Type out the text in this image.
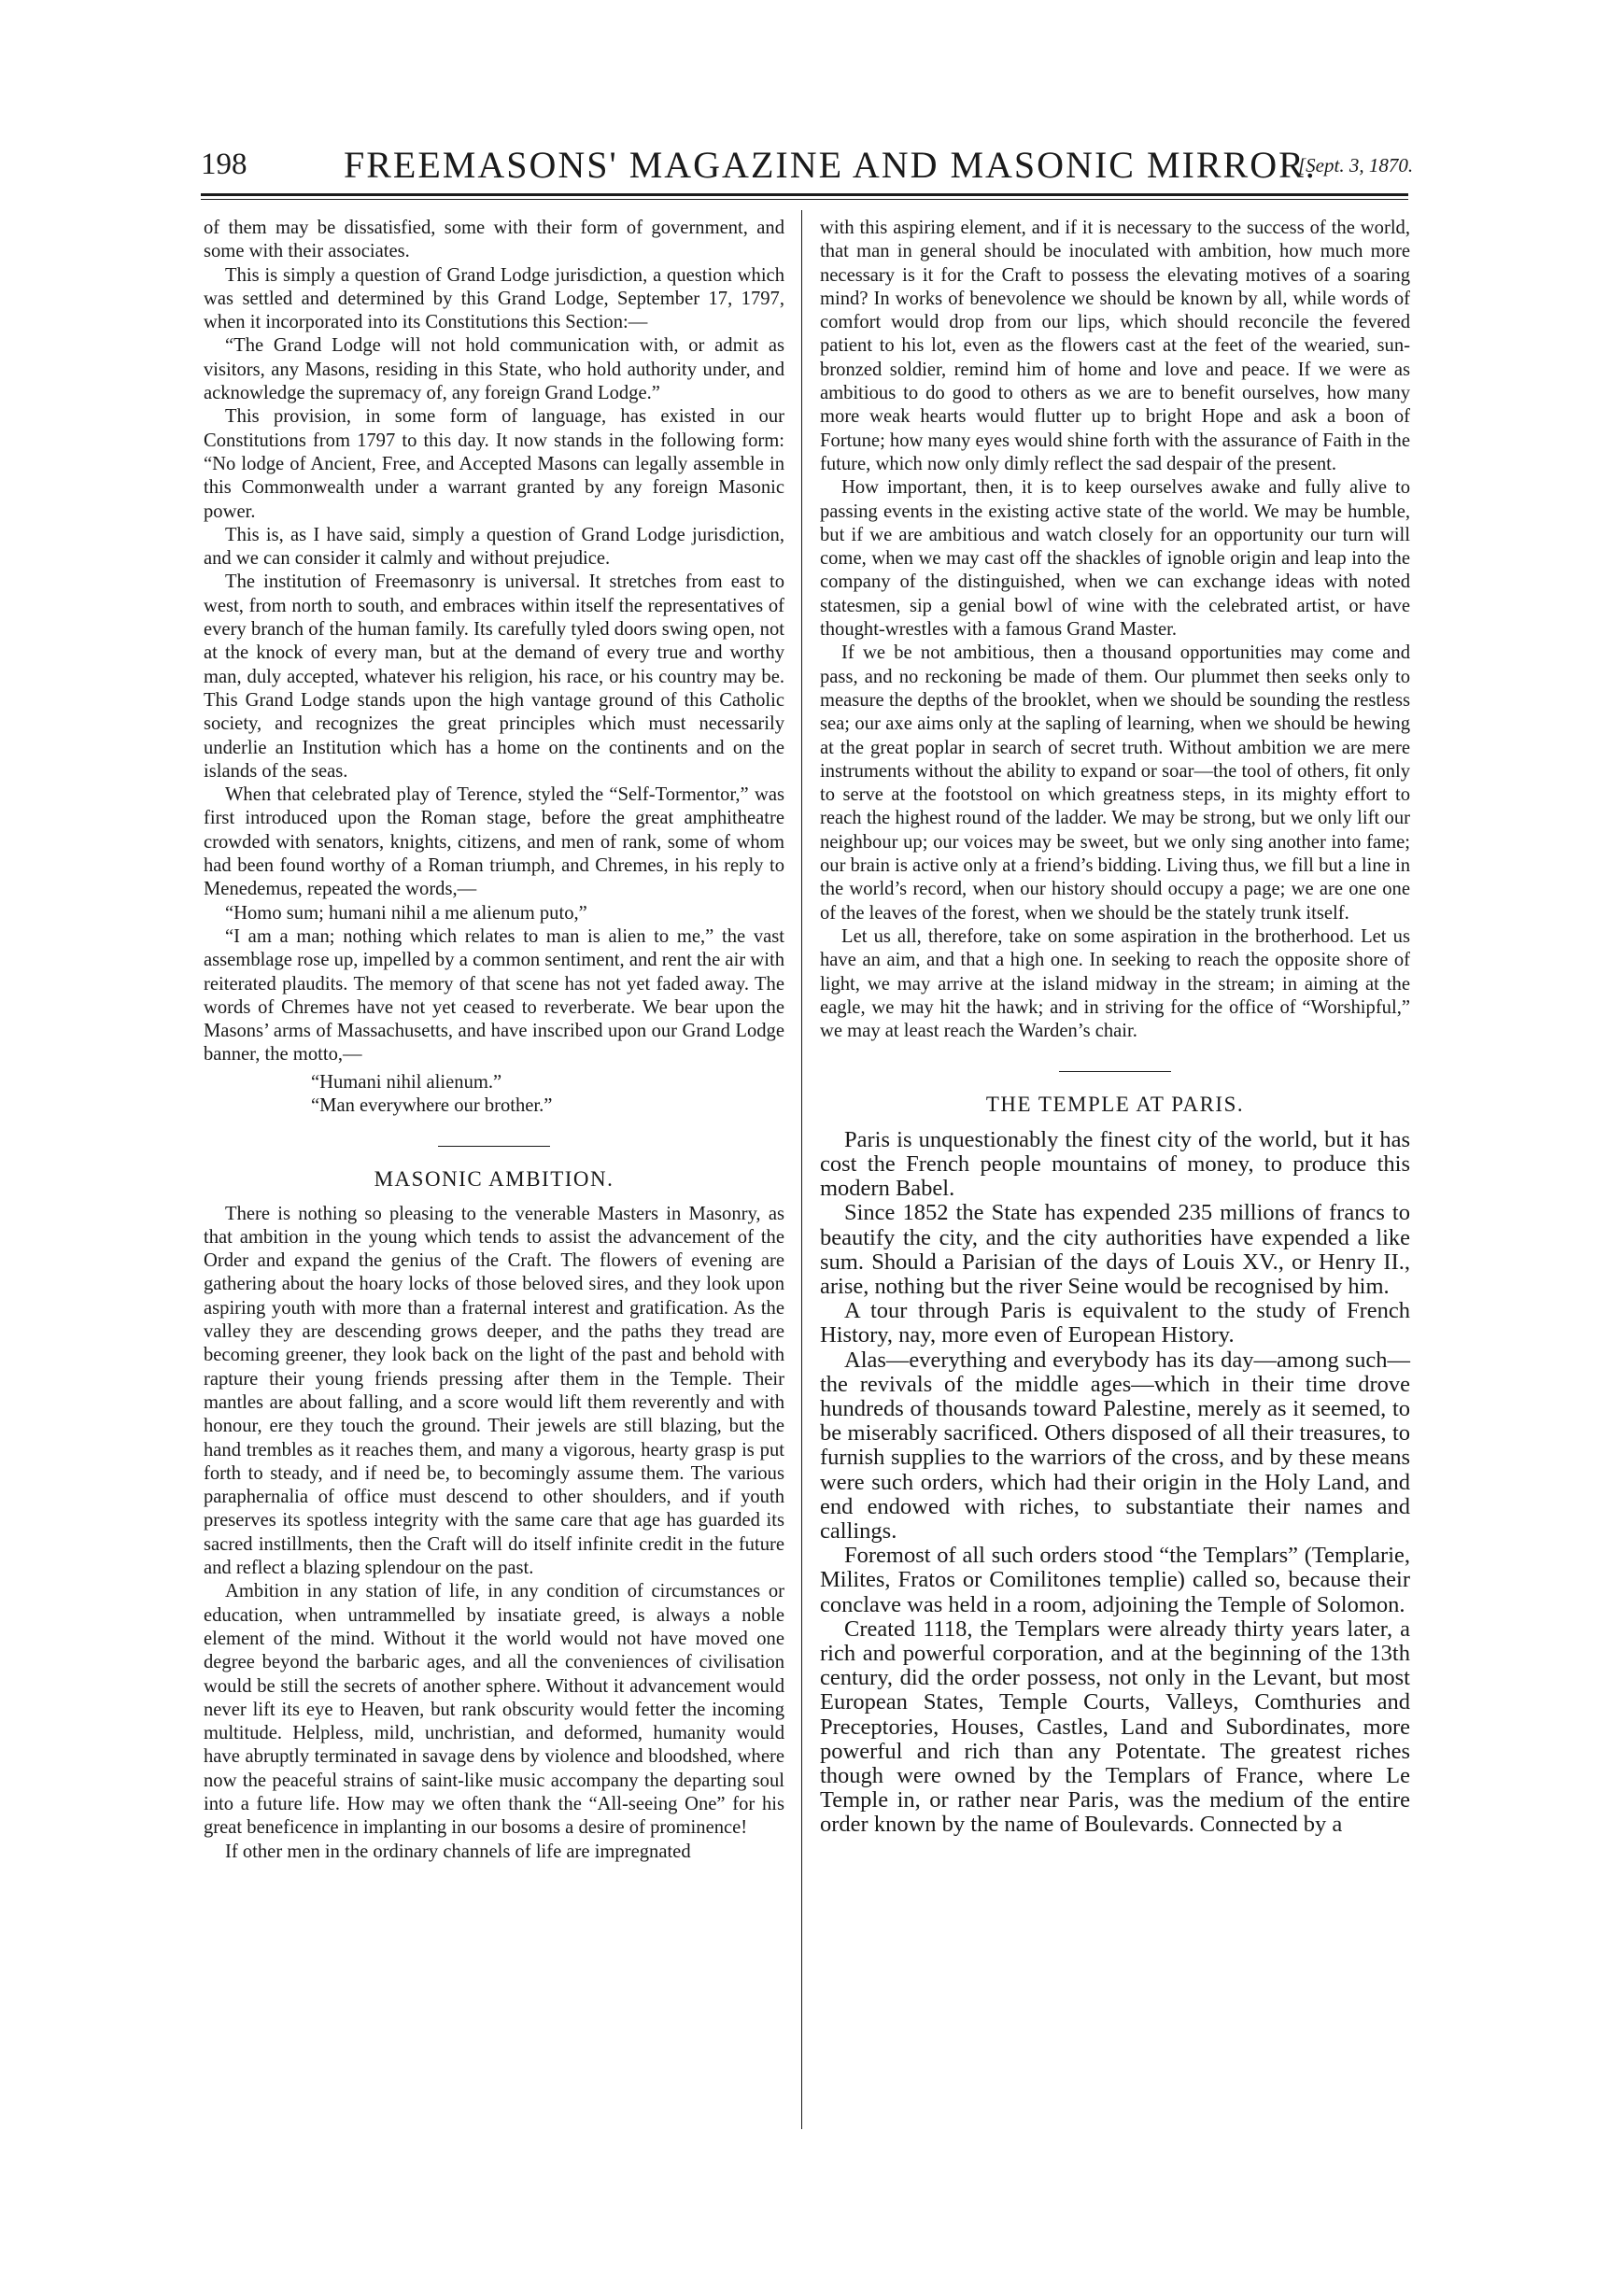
198	FREEMASONS' MAGAZINE AND MASONIC MIRROR.
[Sept. 3, 1870.

of them may be dissatisfied, some with their form of government, and some with their associates.

This is simply a question of Grand Lodge jurisdiction, a question which was settled and determined by this Grand Lodge, September 17, 1797, when it incorporated into its Constitutions this Section:—

“The Grand Lodge will not hold communication with, or admit as visitors, any Masons, residing in this State, who hold authority under, and acknowledge the supremacy of, any foreign Grand Lodge.”

This provision, in some form of language, has existed in our Constitutions from 1797 to this day. It now stands in the following form: “No lodge of Ancient, Free, and Accepted Masons can legally assemble in this Commonwealth under a warrant granted by any foreign Masonic power.

This is, as I have said, simply a question of Grand Lodge jurisdiction, and we can consider it calmly and without prejudice.

The institution of Freemasonry is universal. It stretches from east to west, from north to south, and embraces within itself the representatives of every branch of the human family. Its carefully tyled doors swing open, not at the knock of every man, but at the demand of every true and worthy man, duly accepted, whatever his religion, his race, or his country may be. This Grand Lodge stands upon the high vantage ground of this Catholic society, and recognizes the great principles which must necessarily underlie an Institution which has a home on the continents and on the islands of the seas.

When that celebrated play of Terence, styled the “Self-Tormentor,” was first introduced upon the Roman stage, before the great amphitheatre crowded with senators, knights, citizens, and men of rank, some of whom had been found worthy of a Roman triumph, and Chremes, in his reply to Menedemus, repeated the words,—

“Homo sum; humani nihil a me alienum puto,”

“I am a man; nothing which relates to man is alien to me,” the vast assemblage rose up, impelled by a common sentiment, and rent the air with reiterated plaudits. The memory of that scene has not yet faded away. The words of Chremes have not yet ceased to reverberate. We bear upon the Masons’ arms of Massachusetts, and have inscribed upon our Grand Lodge banner, the motto,—

“Humani nihil alienum.”
“Man everywhere our brother.”
MASONIC AMBITION.

There is nothing so pleasing to the venerable Masters in Masonry, as that ambition in the young which tends to assist the advancement of the Order and expand the genius of the Craft. The flowers of evening are gathering about the hoary locks of those beloved sires, and they look upon aspiring youth with more than a fraternal interest and gratification. As the valley they are descending grows deeper, and the paths they tread are becoming greener, they look back on the light of the past and behold with rapture their young friends pressing after them in the Temple. Their mantles are about falling, and a score would lift them reverently and with honour, ere they touch the ground. Their jewels are still blazing, but the hand trembles as it reaches them, and many a vigorous, hearty grasp is put forth to steady, and if need be, to becomingly assume them. The various paraphernalia of office must descend to other shoulders, and if youth preserves its spotless integrity with the same care that age has guarded its sacred instillments, then the Craft will do itself infinite credit in the future and reflect a blazing splendour on the past.

Ambition in any station of life, in any condition of circumstances or education, when untrammelled by insatiate greed, is always a noble element of the mind. Without it the world would not have moved one degree beyond the barbaric ages, and all the conveniences of civilisation would be still the secrets of another sphere. Without it advancement would never lift its eye to Heaven, but rank obscurity would fetter the incoming multitude. Helpless, mild, unchristian, and deformed, humanity would have abruptly terminated in savage dens by violence and bloodshed, where now the peaceful strains of saint-like music accompany the departing soul into a future life. How may we often thank the “All-seeing One” for his great beneficence in implanting in our bosoms a desire of prominence!

If other men in the ordinary channels of life are impregnated

with this aspiring element, and if it is necessary to the success of the world, that man in general should be inoculated with ambition, how much more necessary is it for the Craft to possess the elevating motives of a soaring mind? In works of benevolence we should be known by all, while words of comfort would drop from our lips, which should reconcile the fevered patient to his lot, even as the flowers cast at the feet of the wearied, sun-bronzed soldier, remind him of home and love and peace. If we were as ambitious to do good to others as we are to benefit ourselves, how many more weak hearts would flutter up to bright Hope and ask a boon of Fortune; how many eyes would shine forth with the assurance of Faith in the future, which now only dimly reflect the sad despair of the present.

How important, then, it is to keep ourselves awake and fully alive to passing events in the existing active state of the world. We may be humble, but if we are ambitious and watch closely for an opportunity our turn will come, when we may cast off the shackles of ignoble origin and leap into the company of the distinguished, when we can exchange ideas with noted statesmen, sip a genial bowl of wine with the celebrated artist, or have thought-wrestles with a famous Grand Master.

If we be not ambitious, then a thousand opportunities may come and pass, and no reckoning be made of them. Our plummet then seeks only to measure the depths of the brooklet, when we should be sounding the restless sea; our axe aims only at the sapling of learning, when we should be hewing at the great poplar in search of secret truth. Without ambition we are mere instruments without the ability to expand or soar—the tool of others, fit only to serve at the footstool on which greatness steps, in its mighty effort to reach the highest round of the ladder. We may be strong, but we only lift our neighbour up; our voices may be sweet, but we only sing another into fame; our brain is active only at a friend’s bidding. Living thus, we fill but a line in the world’s record, when our history should occupy a page; we are one one of the leaves of the forest, when we should be the stately trunk itself.

Let us all, therefore, take on some aspiration in the brotherhood. Let us have an aim, and that a high one. In seeking to reach the opposite shore of light, we may arrive at the island midway in the stream; in aiming at the eagle, we may hit the hawk; and in striving for the office of “Worshipful,” we may at least reach the Warden’s chair.

THE TEMPLE AT PARIS.

Paris is unquestionably the finest city of the world, but it has cost the French people mountains of money, to produce this modern Babel.

Since 1852 the State has expended 235 millions of francs to beautify the city, and the city authorities have expended a like sum. Should a Parisian of the days of Louis XV., or Henry II., arise, nothing but the river Seine would be recognised by him.

A tour through Paris is equivalent to the study of French History, nay, more even of European History.

Alas—everything and everybody has its day—among such—the revivals of the middle ages—which in their time drove hundreds of thousands toward Palestine, merely as it seemed, to be miserably sacrificed. Others disposed of all their treasures, to furnish supplies to the warriors of the cross, and by these means were such orders, which had their origin in the Holy Land, and end endowed with riches, to substantiate their names and callings.

Foremost of all such orders stood “the Templars” (Templarie, Milites, Fratos or Comilitones templie) called so, because their conclave was held in a room, adjoining the Temple of Solomon.

Created 1118, the Templars were already thirty years later, a rich and powerful corporation, and at the beginning of the 13th century, did the order possess, not only in the Levant, but most European States, Temple Courts, Valleys, Comthuries and Preceptories, Houses, Castles, Land and Subordinates, more powerful and rich than any Potentate. The greatest riches though were owned by the Templars of France, where Le Temple in, or rather near Paris, was the medium of the entire order known by the name of Boulevards. Connected by a
